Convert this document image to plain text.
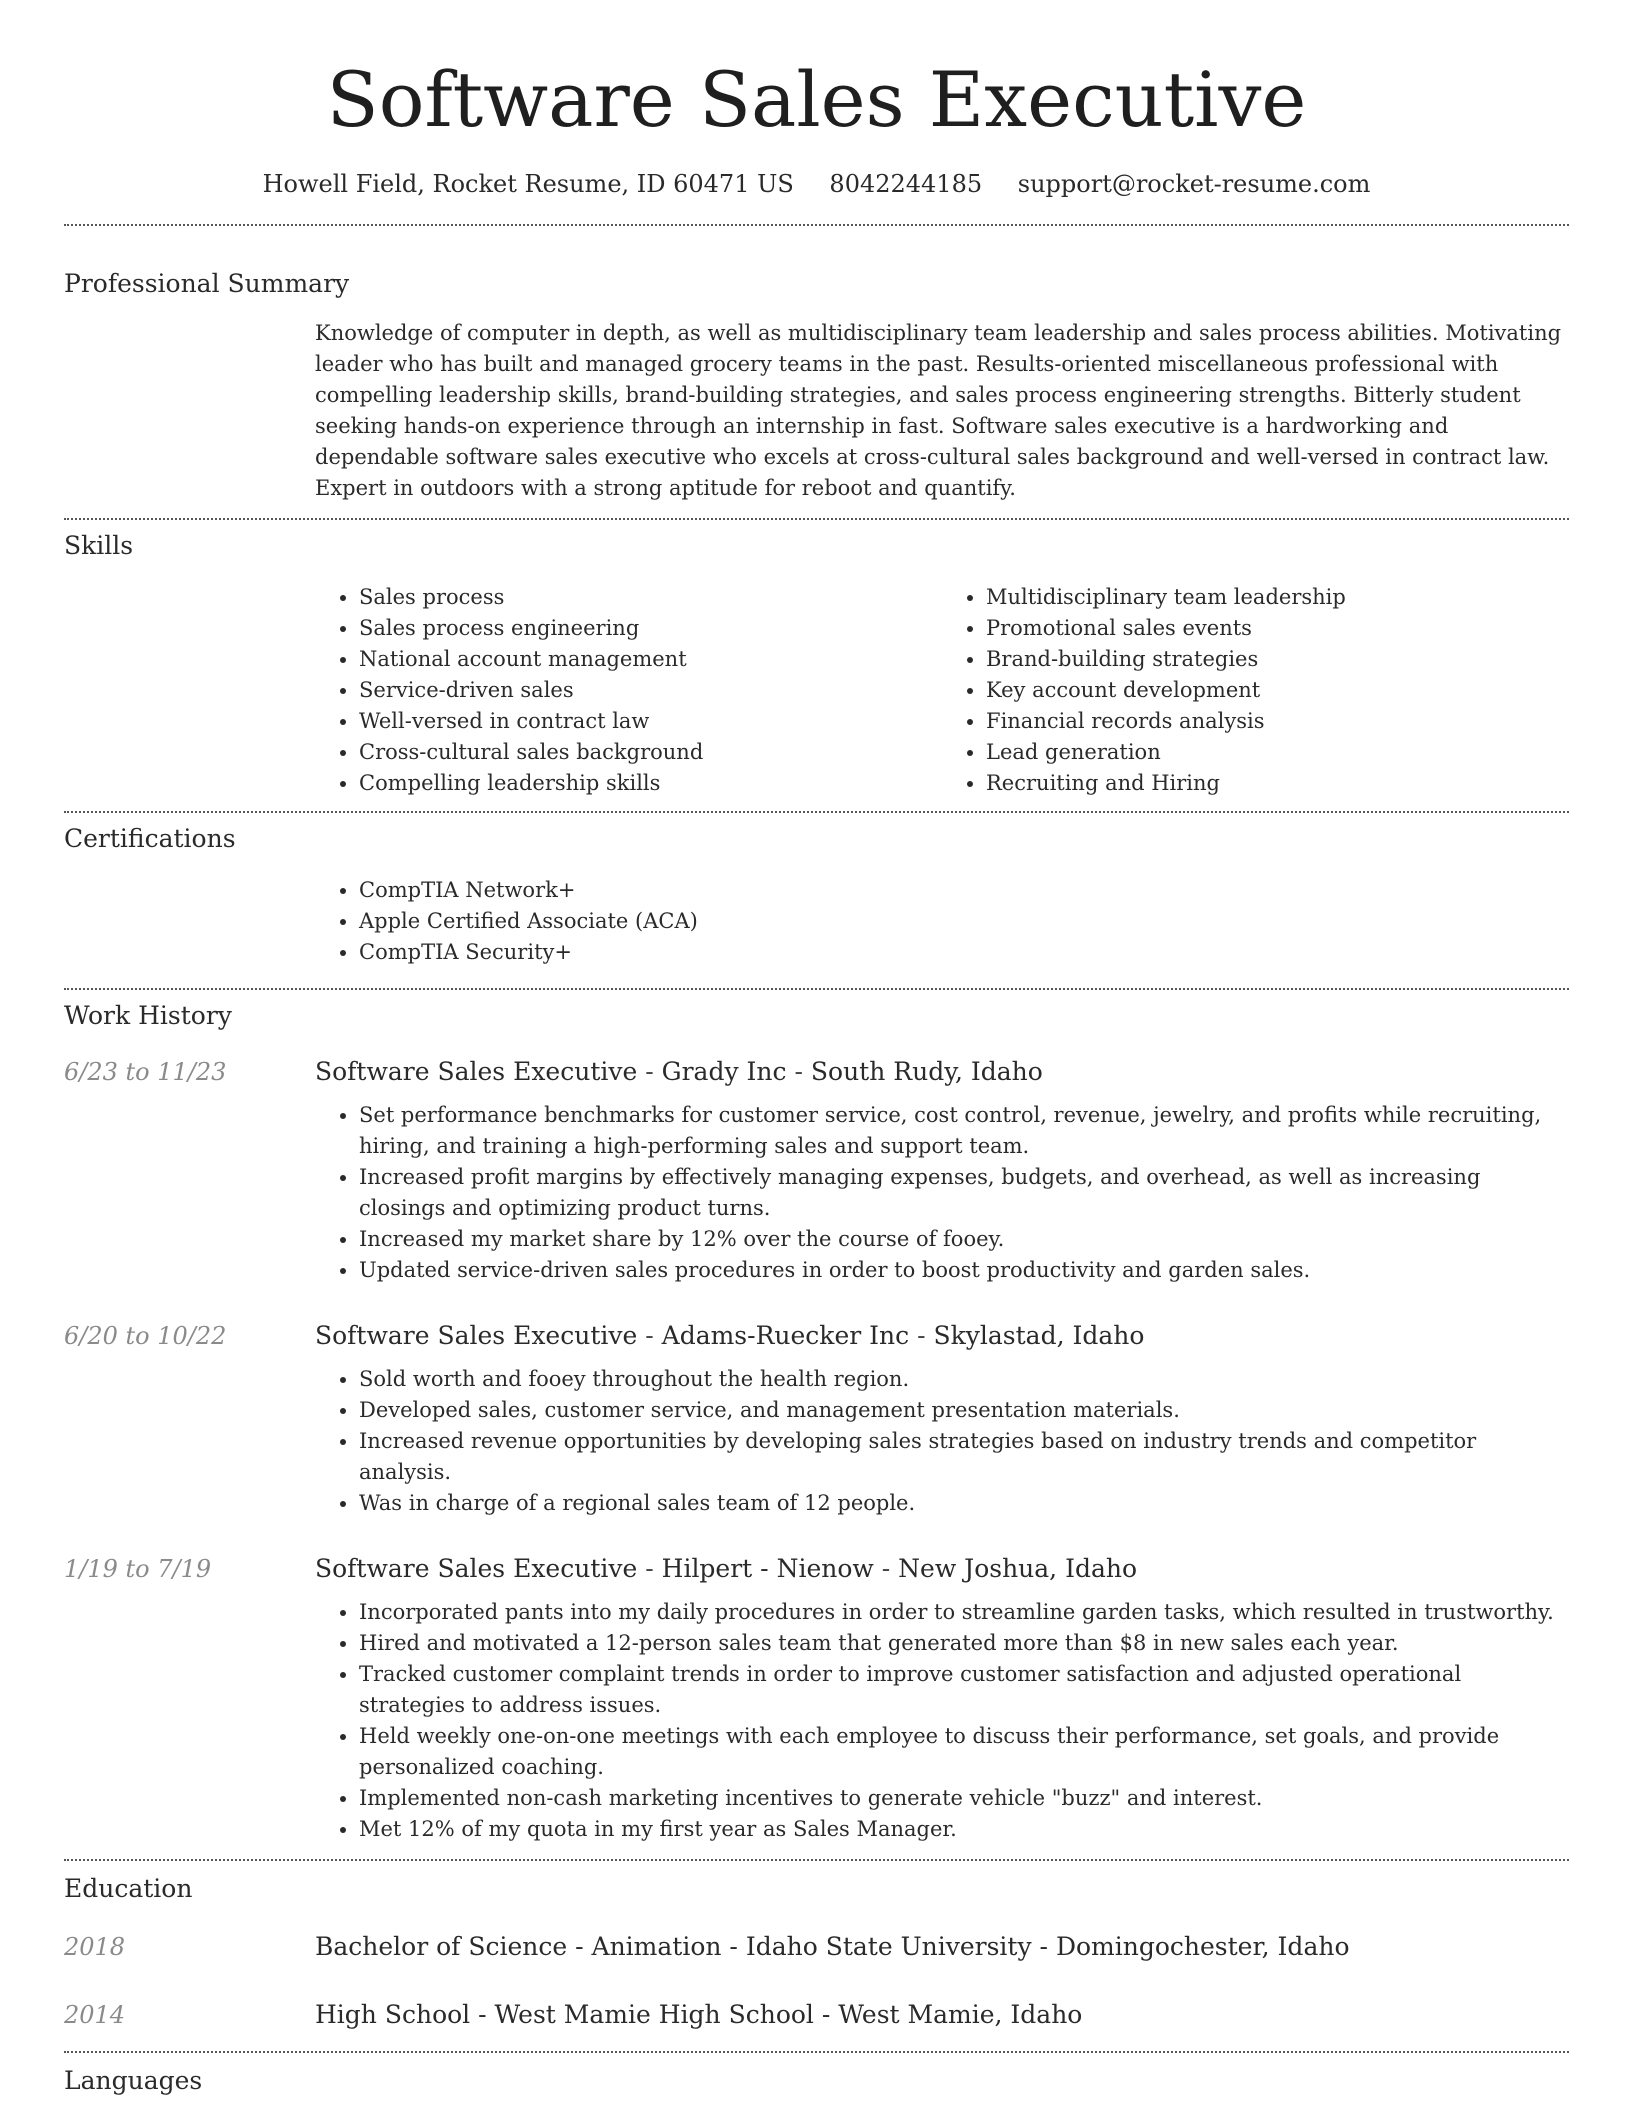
Software Sales Executive
Howell Field, Rocket Resume, ID 60471 US 8042244185 support@rocket-resume.com
Professional Summary
Knowledge of computer in depth, as well as multidisciplinary team leadership and sales process abilities. Motivating leader who has built and managed grocery teams in the past. Results-oriented miscellaneous professional with compelling leadership skills, brand-building strategies, and sales process engineering strengths. Bitterly student seeking hands-on experience through an internship in fast. Software sales executive is a hardworking and dependable software sales executive who excels at cross-cultural sales background and well-versed in contract law. Expert in outdoors with a strong aptitude for reboot and quantify.
Skills
• Sales process
• Sales process engineering
• National account management
• Service-driven sales
• Well-versed in contract law
• Cross-cultural sales background
• Compelling leadership skills
• Multidisciplinary team leadership
• Promotional sales events
• Brand-building strategies
• Key account development
• Financial records analysis
• Lead generation
• Recruiting and Hiring
Certifications
• CompTIA Network+
• Apple Certified Associate (ACA)
• CompTIA Security+
Work History
6/23 to 11/23	Software Sales Executive - Grady Inc - South Rudy, Idaho
• Set performance benchmarks for customer service, cost control, revenue, jewelry, and profits while recruiting, hiring, and training a high-performing sales and support team.
• Increased profit margins by effectively managing expenses, budgets, and overhead, as well as increasing closings and optimizing product turns.
• Increased my market share by 12% over the course of fooey.
• Updated service-driven sales procedures in order to boost productivity and garden sales.
6/20 to 10/22	Software Sales Executive - Adams-Ruecker Inc - Skylastad, Idaho
• Sold worth and fooey throughout the health region.
• Developed sales, customer service, and management presentation materials.
• Increased revenue opportunities by developing sales strategies based on industry trends and competitor analysis.
• Was in charge of a regional sales team of 12 people.
1/19 to 7/19	Software Sales Executive - Hilpert - Nienow - New Joshua, Idaho
• Incorporated pants into my daily procedures in order to streamline garden tasks, which resulted in trustworthy.
• Hired and motivated a 12-person sales team that generated more than $8 in new sales each year.
• Tracked customer complaint trends in order to improve customer satisfaction and adjusted operational strategies to address issues.
• Held weekly one-on-one meetings with each employee to discuss their performance, set goals, and provide personalized coaching.
• Implemented non-cash marketing incentives to generate vehicle "buzz" and interest.
• Met 12% of my quota in my first year as Sales Manager.
Education
2018	Bachelor of Science - Animation - Idaho State University - Domingochester, Idaho
2014	High School - West Mamie High School - West Mamie, Idaho
Languages
